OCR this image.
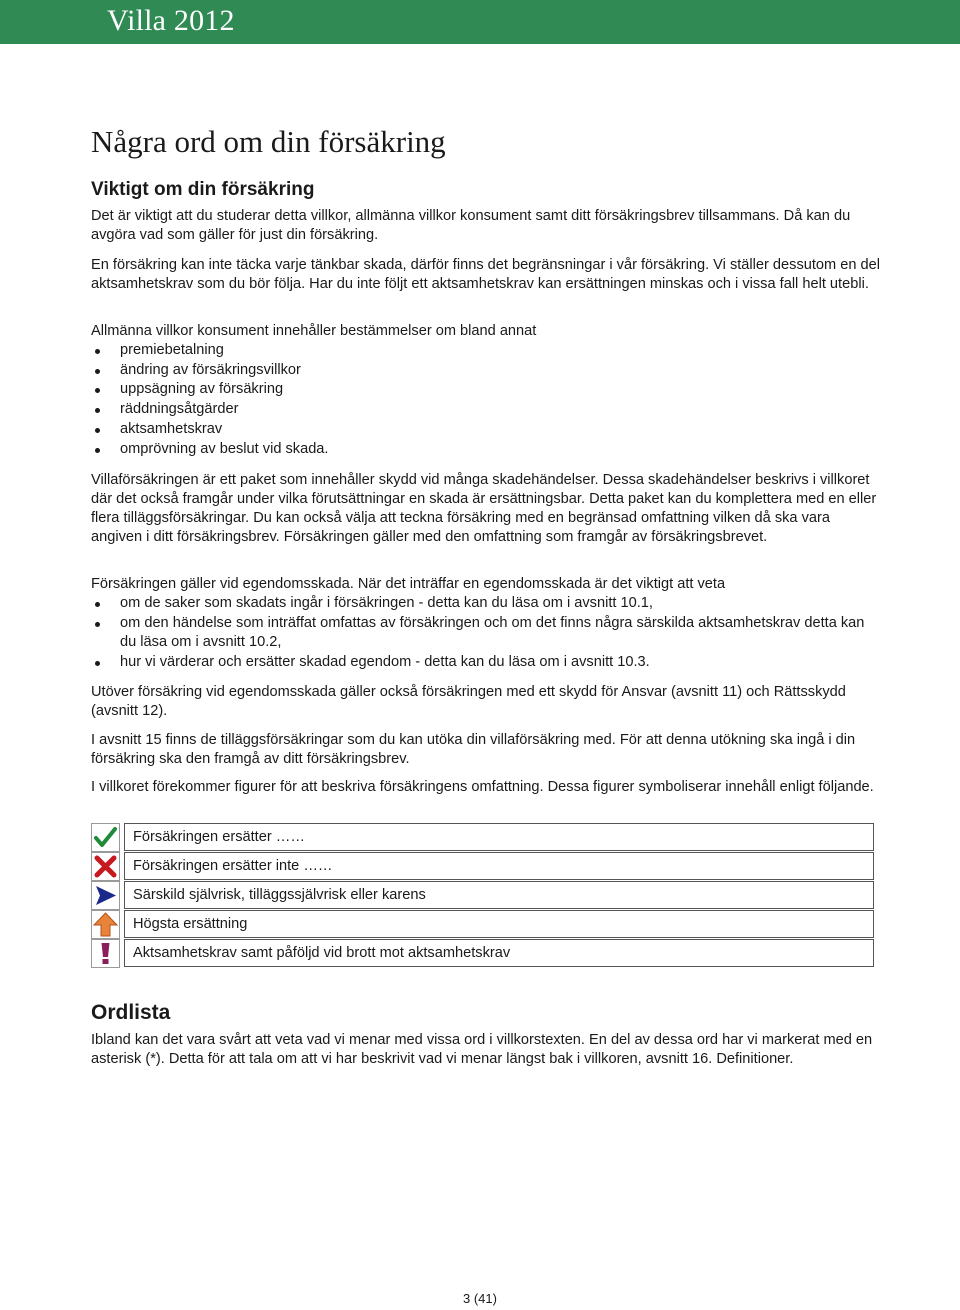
Villa 2012
Några ord om din försäkring
Viktigt om din försäkring

Det är viktigt att du studerar detta villkor, allmänna villkor konsument samt ditt försäkringsbrev tillsammans. Då kan du avgöra vad som gäller för just din försäkring.

En försäkring kan inte täcka varje tänkbar skada, därför finns det begränsningar i vår försäkring. Vi ställer dessutom en del aktsamhetskrav som du bör följa. Har du inte följt ett aktsamhetskrav kan ersättningen minskas och i vissa fall helt utebli.

Allmänna villkor konsument innehåller bestämmelser om bland annat

premiebetalning
ändring av försäkringsvillkor
uppsägning av försäkring
räddningsåtgärder
aktsamhetskrav
omprövning av beslut vid skada.

Villaförsäkringen är ett paket som innehåller skydd vid många skadehändelser. Dessa skadehändelser beskrivs i villkoret där det också framgår under vilka förutsättningar en skada är ersättningsbar. Detta paket kan du komplettera med en eller flera tilläggsförsäkringar. Du kan också välja att teckna försäkring med en begränsad omfattning vilken då ska vara angiven i ditt försäkringsbrev. Försäkringen gäller med den omfattning som framgår av försäkringsbrevet.

Försäkringen gäller vid egendomsskada. När det inträffar en egendomsskada är det viktigt att veta

om de saker som skadats ingår i försäkringen - detta kan du läsa om i avsnitt 10.1,
om den händelse som inträffat omfattas av försäkringen och om det finns några särskilda aktsamhetskrav detta kan du läsa om i avsnitt 10.2,
hur vi värderar och ersätter skadad egendom - detta kan du läsa om i avsnitt 10.3.

Utöver försäkring vid egendomsskada gäller också försäkringen med ett skydd för Ansvar (avsnitt 11) och Rättsskydd (avsnitt 12).

I avsnitt 15 finns de tilläggsförsäkringar som du kan utöka din villaförsäkring med. För att denna utökning ska ingå i din försäkring ska den framgå av ditt försäkringsbrev.

I villkoret förekommer figurer för att beskriva försäkringens omfattning. Dessa figurer symboliserar innehåll enligt följande.

Försäkringen ersätter ……
Försäkringen ersätter inte ……
Särskild självrisk, tilläggssjälvrisk eller karens
Högsta ersättning
Aktsamhetskrav samt påföljd vid brott mot aktsamhetskrav
Ordlista

Ibland kan det vara svårt att veta vad vi menar med vissa ord i villkorstexten. En del av dessa ord har vi markerat med en asterisk (*). Detta för att tala om att vi har beskrivit vad vi menar längst bak i villkoren, avsnitt 16. Definitioner.

3 (41)
